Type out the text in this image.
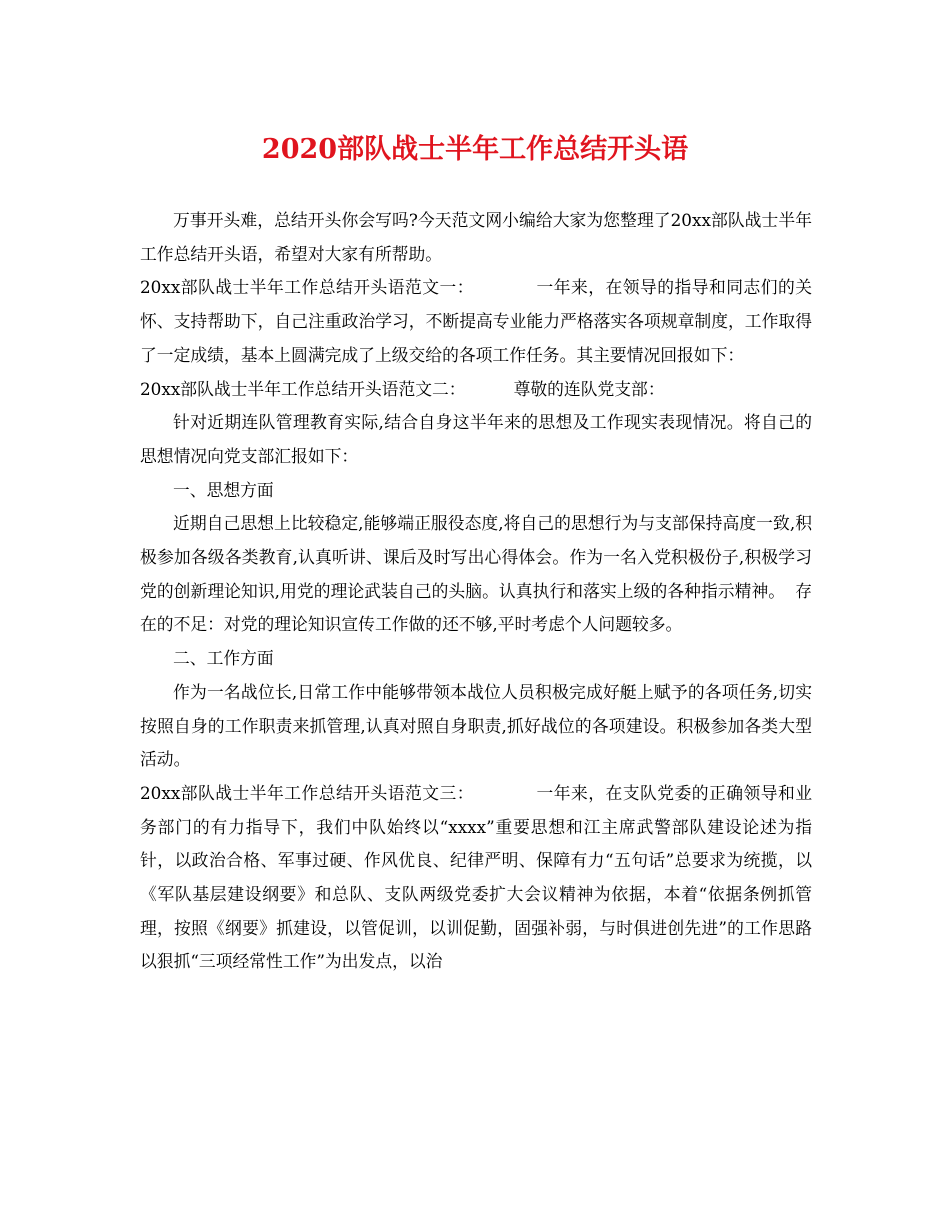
2020部队战士半年工作总结开头语

万事开头难，总结开头你会写吗?今天范文网小编给大家为您整理了20xx部队战士半年工作总结开头语，希望对大家有所帮助。

20xx部队战士半年工作总结开头语范文一：	一年来，在领导的指导和同志们的关怀、支持帮助下，自己注重政治学习，不断提高专业能力严格落实各项规章制度，工作取得了一定成绩，基本上圆满完成了上级交给的各项工作任务。其主要情况回报如下：

20xx部队战士半年工作总结开头语范文二：	尊敬的连队党支部：

针对近期连队管理教育实际,结合自身这半年来的思想及工作现实表现情况。将自己的思想情况向党支部汇报如下：

一、思想方面

近期自己思想上比较稳定,能够端正服役态度,将自己的思想行为与支部保持高度一致,积极参加各级各类教育,认真听讲、课后及时写出心得体会。作为一名入党积极份子,积极学习党的创新理论知识,用党的理论武装自己的头脑。认真执行和落实上级的各种指示精神。 存在的不足：对党的理论知识宣传工作做的还不够,平时考虑个人问题较多。

二、工作方面

作为一名战位长,日常工作中能够带领本战位人员积极完成好艇上赋予的各项任务,切实按照自身的工作职责来抓管理,认真对照自身职责,抓好战位的各项建设。积极参加各类大型活动。

20xx部队战士半年工作总结开头语范文三：	一年来，在支队党委的正确领导和业务部门的有力指导下，我们中队始终以“xxxx”重要思想和江主席武警部队建设论述为指针，以政治合格、军事过硬、作风优良、纪律严明、保障有力“五句话”总要求为统揽，以《军队基层建设纲要》和总队、支队两级党委扩大会议精神为依据，本着“依据条例抓管理，按照《纲要》抓建设，以管促训，以训促勤，固强补弱，与时俱进创先进”的工作思路以狠抓“三项经常性工作”为出发点，以治
